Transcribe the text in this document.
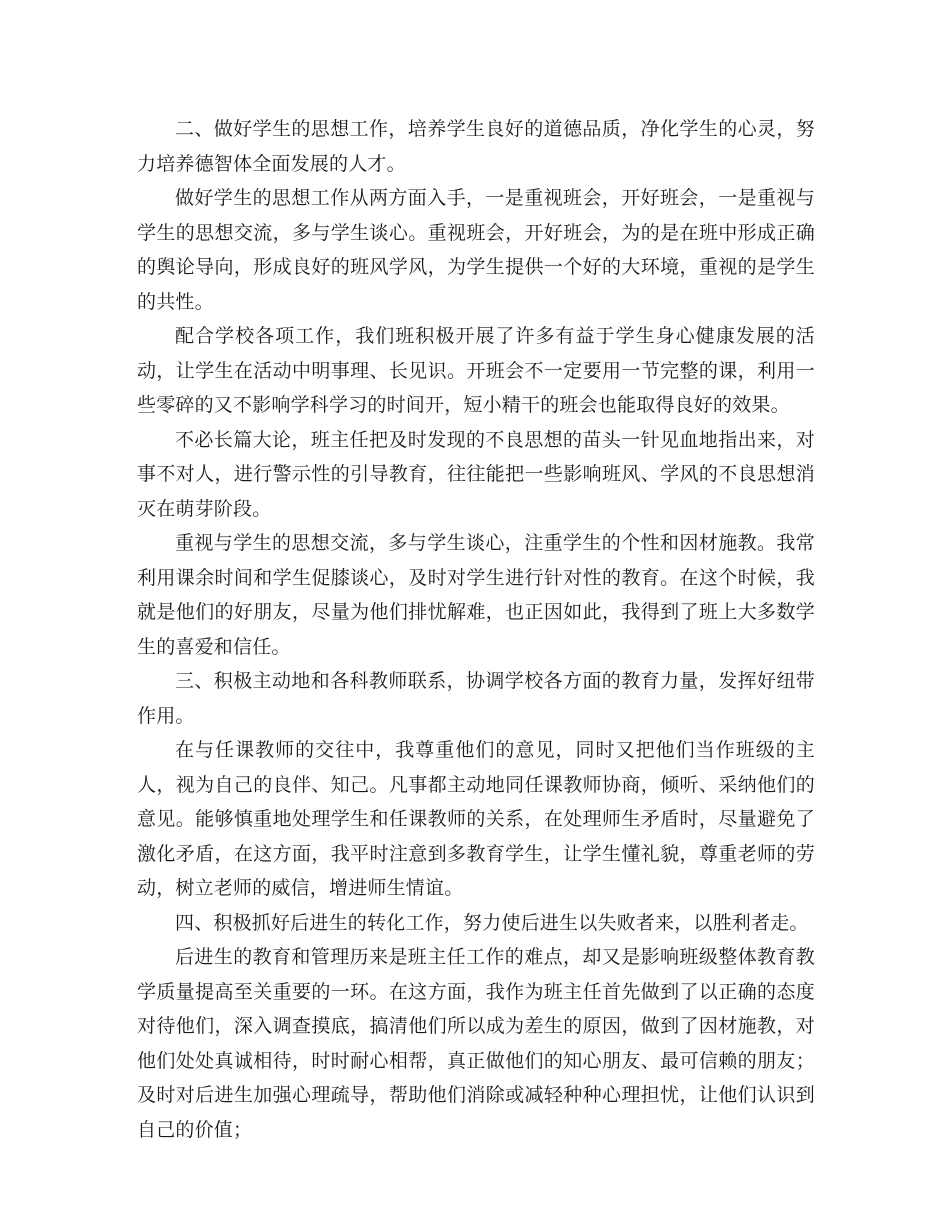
二、做好学生的思想工作，培养学生良好的道德品质，净化学生的心灵，努力培养德智体全面发展的人才。

做好学生的思想工作从两方面入手，一是重视班会，开好班会，一是重视与学生的思想交流，多与学生谈心。重视班会，开好班会，为的是在班中形成正确的舆论导向，形成良好的班风学风，为学生提供一个好的大环境，重视的是学生的共性。

配合学校各项工作，我们班积极开展了许多有益于学生身心健康发展的活动，让学生在活动中明事理、长见识。开班会不一定要用一节完整的课，利用一些零碎的又不影响学科学习的时间开，短小精干的班会也能取得良好的效果。

不必长篇大论，班主任把及时发现的不良思想的苗头一针见血地指出来，对事不对人，进行警示性的引导教育，往往能把一些影响班风、学风的不良思想消灭在萌芽阶段。

重视与学生的思想交流，多与学生谈心，注重学生的个性和因材施教。我常利用课余时间和学生促膝谈心，及时对学生进行针对性的教育。在这个时候，我就是他们的好朋友，尽量为他们排忧解难，也正因如此，我得到了班上大多数学生的喜爱和信任。

三、积极主动地和各科教师联系，协调学校各方面的教育力量，发挥好纽带作用。

在与任课教师的交往中，我尊重他们的意见，同时又把他们当作班级的主人，视为自己的良伴、知己。凡事都主动地同任课教师协商，倾听、采纳他们的意见。能够慎重地处理学生和任课教师的关系，在处理师生矛盾时，尽量避免了激化矛盾，在这方面，我平时注意到多教育学生，让学生懂礼貌，尊重老师的劳动，树立老师的威信，增进师生情谊。

四、积极抓好后进生的转化工作，努力使后进生以失败者来，以胜利者走。

后进生的教育和管理历来是班主任工作的难点，却又是影响班级整体教育教学质量提高至关重要的一环。在这方面，我作为班主任首先做到了以正确的态度对待他们，深入调查摸底，搞清他们所以成为差生的原因，做到了因材施教，对他们处处真诚相待，时时耐心相帮，真正做他们的知心朋友、最可信赖的朋友；及时对后进生加强心理疏导，帮助他们消除或减轻种种心理担忧，让他们认识到自己的价值；
